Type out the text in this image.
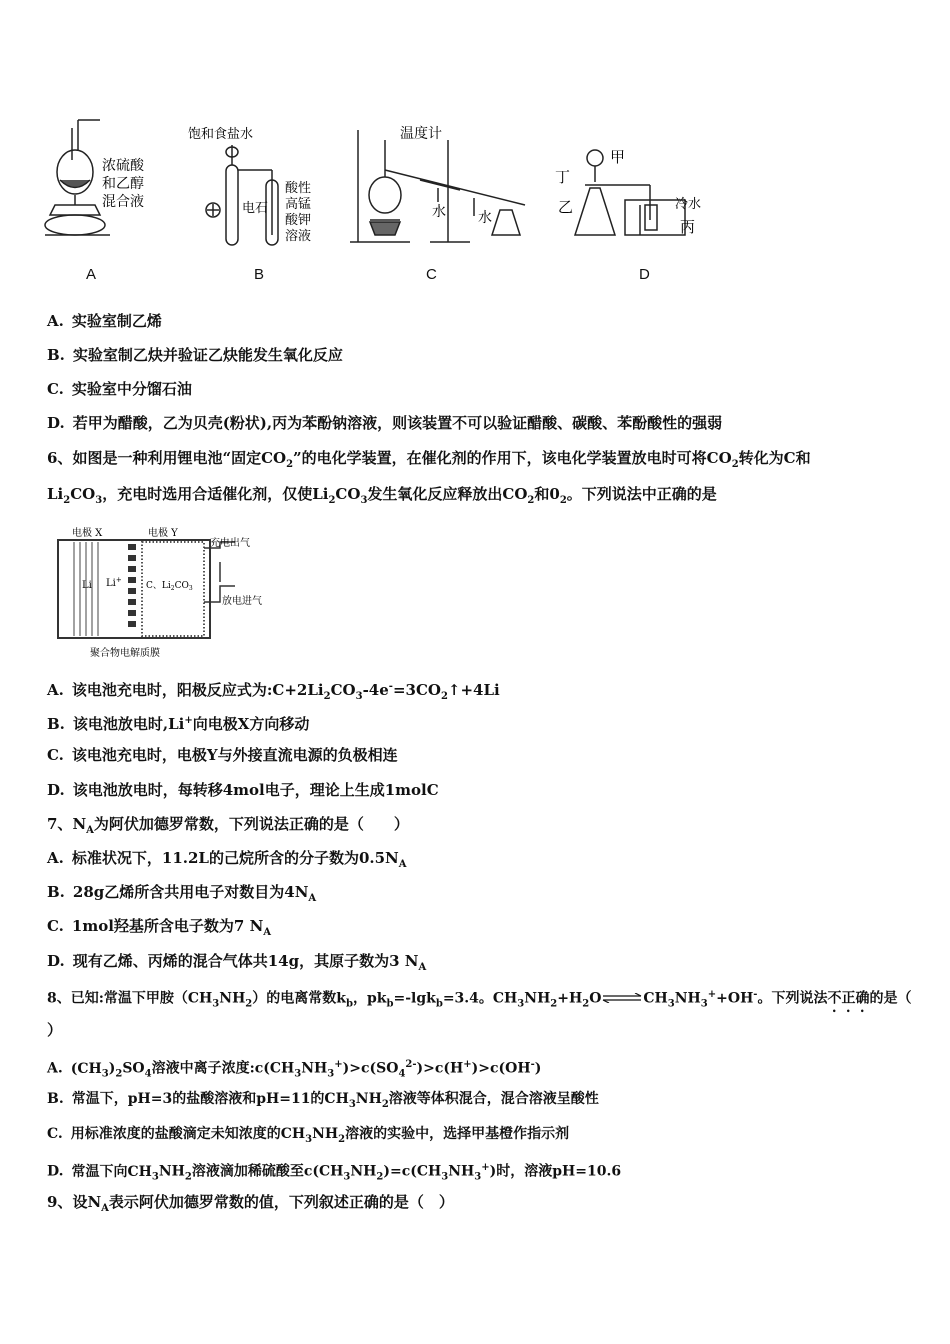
浓硫酸
和乙醇
混合液
饱和食盐水
电石
酸性
高锰
酸钾
溶液
温度计
水 水
甲
丁
乙	冷水
丙
A	B	C	D
A. 实验室制乙烯
B. 实验室制乙炔并验证乙炔能发生氧化反应
C. 实验室中分馏石油
D. 若甲为醋酸，乙为贝壳(粉状),丙为苯酚钠溶液，则该装置不可以验证醋酸、碳酸、苯酚酸性的强弱
6、如图是一种利用锂电池“固定$CO_2$”的电化学装置，在催化剂的作用下，该电化学装置放电时可将$CO_2$转化为C和
$Li_2CO_3$，充电时选用合适催化剂，仅使$Li_2CO_3$发生氧化反应释放出$CO_2$和$0_2$。下列说法中正确的是
电极 X	电极 Y
Li Li+
C、$Li_2CO_3$
充电出气
放电进气
聚合物电解质膜
A. 该电池充电时，阳极反应式为$:C+2Li_2CO_3-4e^-=3CO_2↑+4Li$
B. 该电池放电时,Li+向电极X方向移动
C. 该电池充电时，电极Y与外接直流电源的负极相连
D. 该电池放电时，每转移4mol电子，理论上生成1molC
7、$N_A$为阿伏加德罗常数，下列说法正确的是（　　）
A. 标准状况下，11.2L的己烷所含的分子数为$0.5N_A$
B. 28g乙烯所含共用电子对数目为$4N_A$
C. 1mol羟基所含电子数为7 $N_A$
D. 现有乙烯、丙烯的混合气体共14g，其原子数为3 $N_A$
8、已知:常温下甲胺$(CH_3NH_2)$的电离常数$k_b$，$pk_b=-\lg k_b=3.4$。$CH_3NH_2+H_2O\rightleftharpoons CH_3NH_3^++OH^-$。下列说法不正确的是（
）
A. $(CH_3)_2SO_4$溶液中离子浓度$:c(CH_3NH_3^+)>c(SO_4^{2-})>c(H^+)>c(OH^-)$
B. 常温下，pH=3的盐酸溶液和pH=11的$CH_3NH_2$溶液等体积混合，混合溶液呈酸性
C. 用标准浓度的盐酸滴定未知浓度的$CH_3NH_2$溶液的实验中，选择甲基橙作指示剂
D. 常温下向$CH_3NH_2$溶液滴加稀硫酸至$c(CH_3NH_2)=c(CH_3NH_3^+)$时，溶液pH=10.6
9、设$N_A$表示阿伏加德罗常数的值，下列叙述正确的是（　）
